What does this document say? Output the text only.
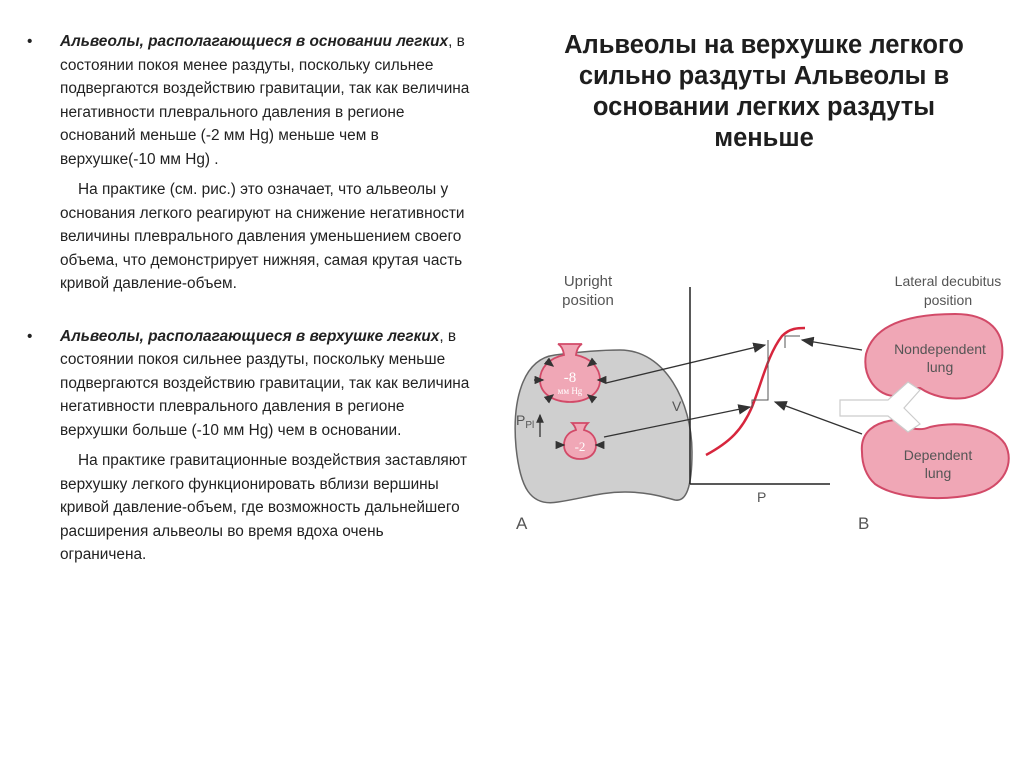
• Альвеолы, располагающиеся в основании легких, в состоянии покоя менее раздуты, поскольку сильнее подвергаются воздействию гравитации, так как величина негативности плеврального давления в регионе оснований меньше (-2 мм Hg) меньше чем в верхушке(-10 мм Hg) .

На практике (см. рис.) это означает, что альвеолы у основания легкого реагируют на снижение негативности величины плеврального давления уменьшением своего объема, что демонстрирует нижняя, самая крутая часть кривой давление-объем.

• Альвеолы, располагающиеся в верхушке легких, в состоянии покоя сильнее раздуты, поскольку меньше подвергаются воздействию гравитации, так как величина негативности плеврального давления в регионе верхушки больше (-10 мм Hg) чем в основании.

На практике гравитационные воздействия заставляют верхушку легкого функционировать вблизи вершины кривой давление-объем, где возможность дальнейшего расширения альвеолы во время вдоха очень ограничена.

Альвеолы на верхушке легкого сильно раздуты Альвеолы в основании легких раздуты меньше
Upright
position
-8
мм Hg
-2
$P_{Pl}$
V
P
Lateral decubitus
position
Nondependent
lung
Dependent
lung
A	B
